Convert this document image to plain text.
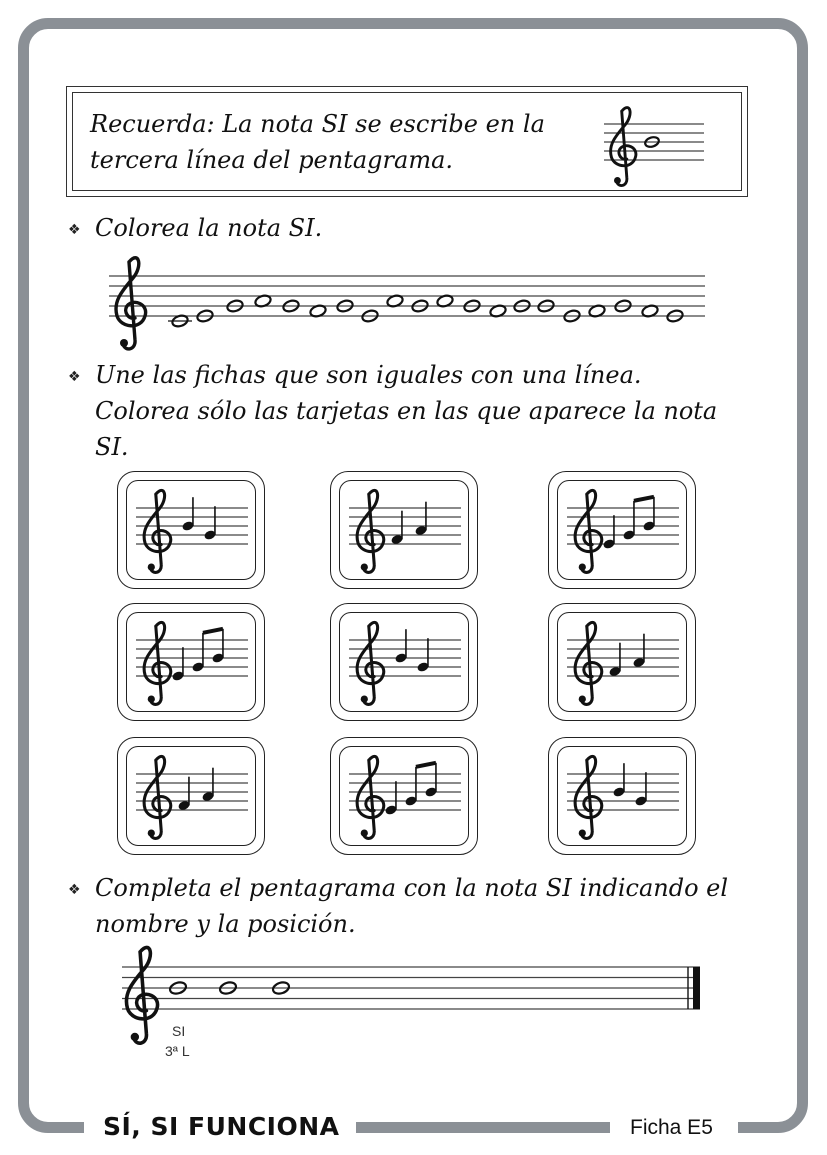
SÍ, SI FUNCIONA	Ficha E5
Recuerda: La nota SI se escribe en la
tercera línea del pentagrama.
❖ Colorea la nota SI.
❖ Une las fichas que son iguales con una línea.
Colorea sólo las tarjetas en las que aparece la nota
SI.
❖ Completa el pentagrama con la nota SI indicando el
nombre y la posición.
SI
3ª L
